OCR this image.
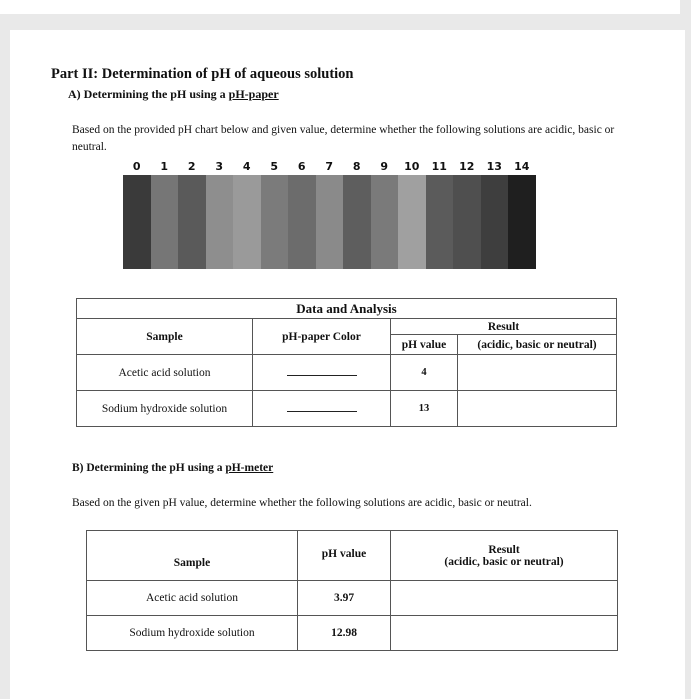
Part II: Determination of pH of aqueous solution
A) Determining the pH using a pH-paper
Based on the provided pH chart below and given value, determine whether the following solutions are acidic, basic or neutral.
0	1	2	3	4	5	6	7	8	9	10	11	12	13	14
Data and Analysis			
Sample	pH-paper Color	Result	
		pH value	(acidic, basic or neutral)
Acetic acid solution		4	
Sodium hydroxide solution		13	
B) Determining the pH using a pH-meter
Based on the given pH value, determine whether the following solutions are acidic, basic or neutral.
Sample	pH value	Result
(acidic, basic or neutral)

Acetic acid solution	3.97	
Sodium hydroxide solution	12.98	
